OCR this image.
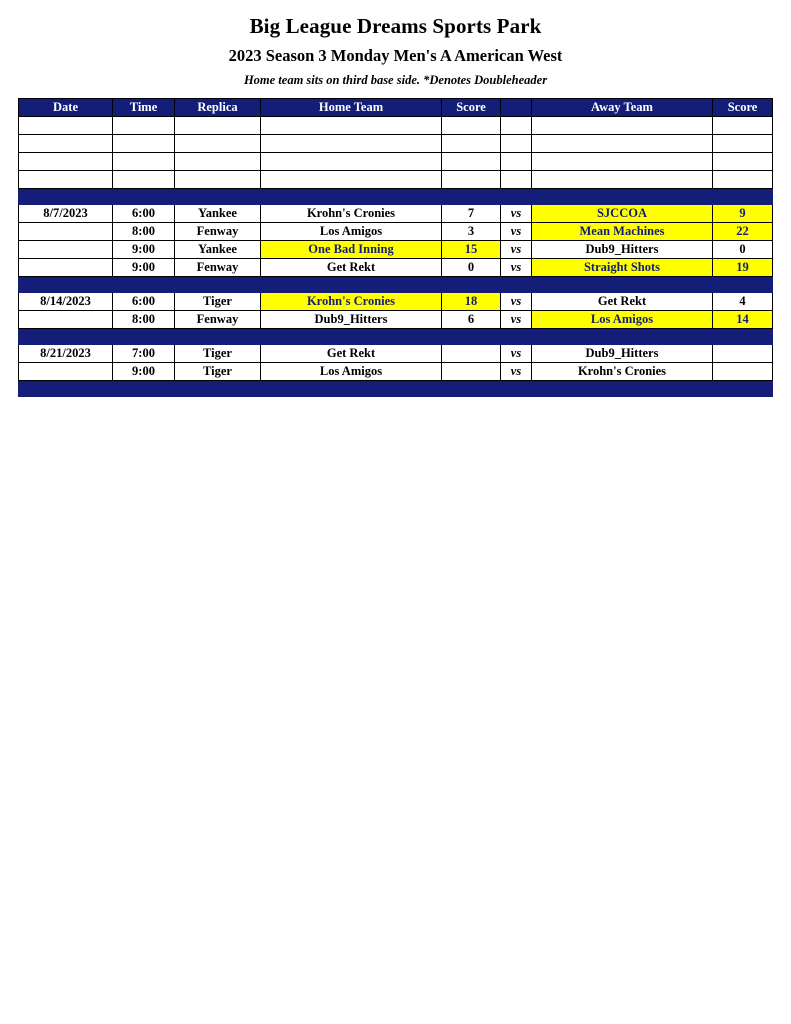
Big League Dreams Sports Park
2023 Season 3 Monday Men's A American West
Home team sits on third base side. *Denotes Doubleheader
Date	Time	Replica	Home Team	Score		Away Team	Score

8/7/2023	6:00	Yankee	Krohn's Cronies	7	vs	SJCCOA	9
	8:00	Fenway	Los Amigos	3	vs	Mean Machines	22
	9:00	Yankee	One Bad Inning	15	vs	Dub9_Hitters	0
	9:00	Fenway	Get Rekt	0	vs	Straight Shots	19

8/14/2023	6:00	Tiger	Krohn's Cronies	18	vs	Get Rekt	4
	8:00	Fenway	Dub9_Hitters	6	vs	Los Amigos	14

8/21/2023	7:00	Tiger	Get Rekt		vs	Dub9_Hitters	
	9:00	Tiger	Los Amigos		vs	Krohn's Cronies	
